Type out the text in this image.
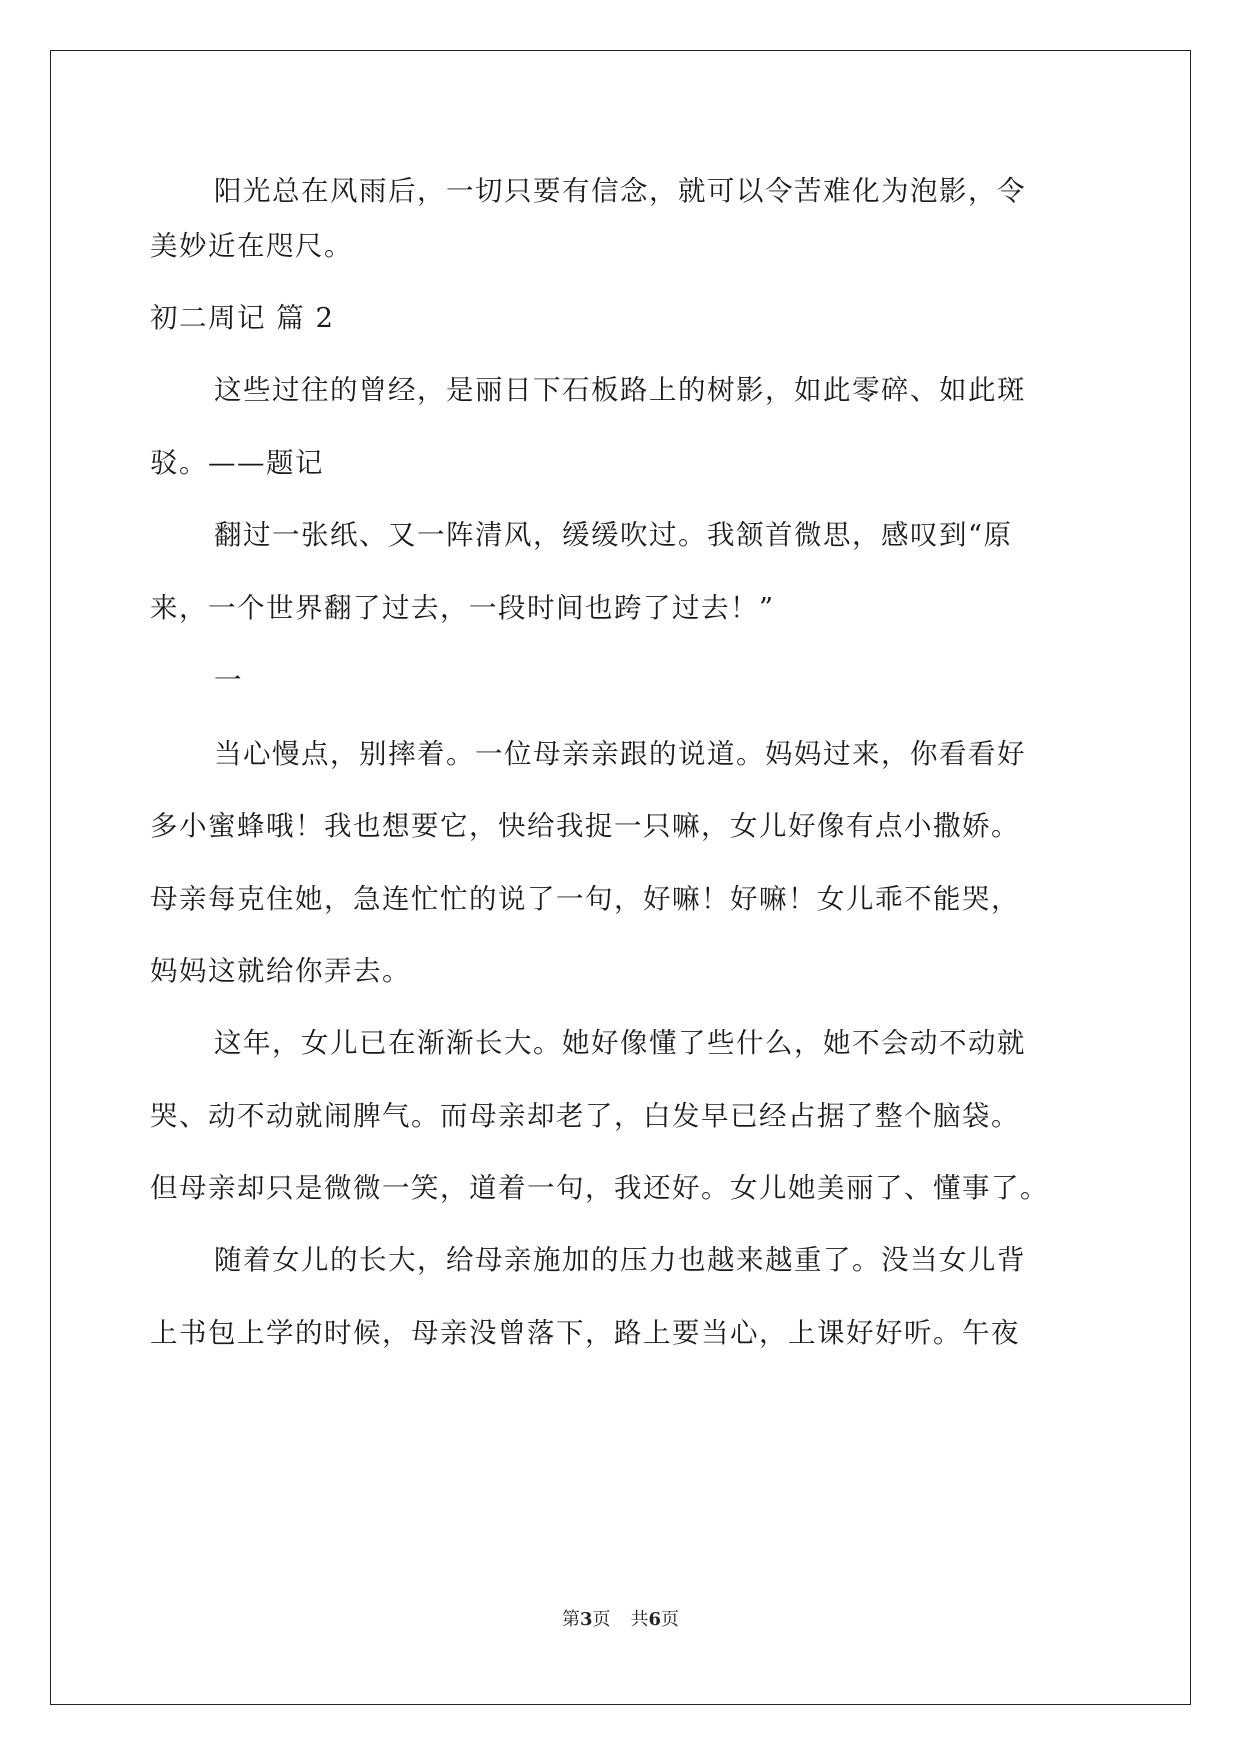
阳光总在风雨后，一切只要有信念，就可以令苦难化为泡影，令
美妙近在咫尺。
初二周记 篇 2
这些过往的曾经，是丽日下石板路上的树影，如此零碎、如此斑
驳。——题记
翻过一张纸、又一阵清风，缓缓吹过。我颔首微思，感叹到“原
来，一个世界翻了过去，一段时间也跨了过去！”
一
当心慢点，别摔着。一位母亲亲跟的说道。妈妈过来，你看看好
多小蜜蜂哦！我也想要它，快给我捉一只嘛，女儿好像有点小撒娇。
母亲每克住她，急连忙忙的说了一句，好嘛！好嘛！女儿乖不能哭，
妈妈这就给你弄去。
这年，女儿已在渐渐长大。她好像懂了些什么，她不会动不动就
哭、动不动就闹脾气。而母亲却老了，白发早已经占据了整个脑袋。
但母亲却只是微微一笑，道着一句，我还好。女儿她美丽了、懂事了。
随着女儿的长大，给母亲施加的压力也越来越重了。没当女儿背
上书包上学的时候，母亲没曾落下，路上要当心，上课好好听。午夜
第3页 共6页
